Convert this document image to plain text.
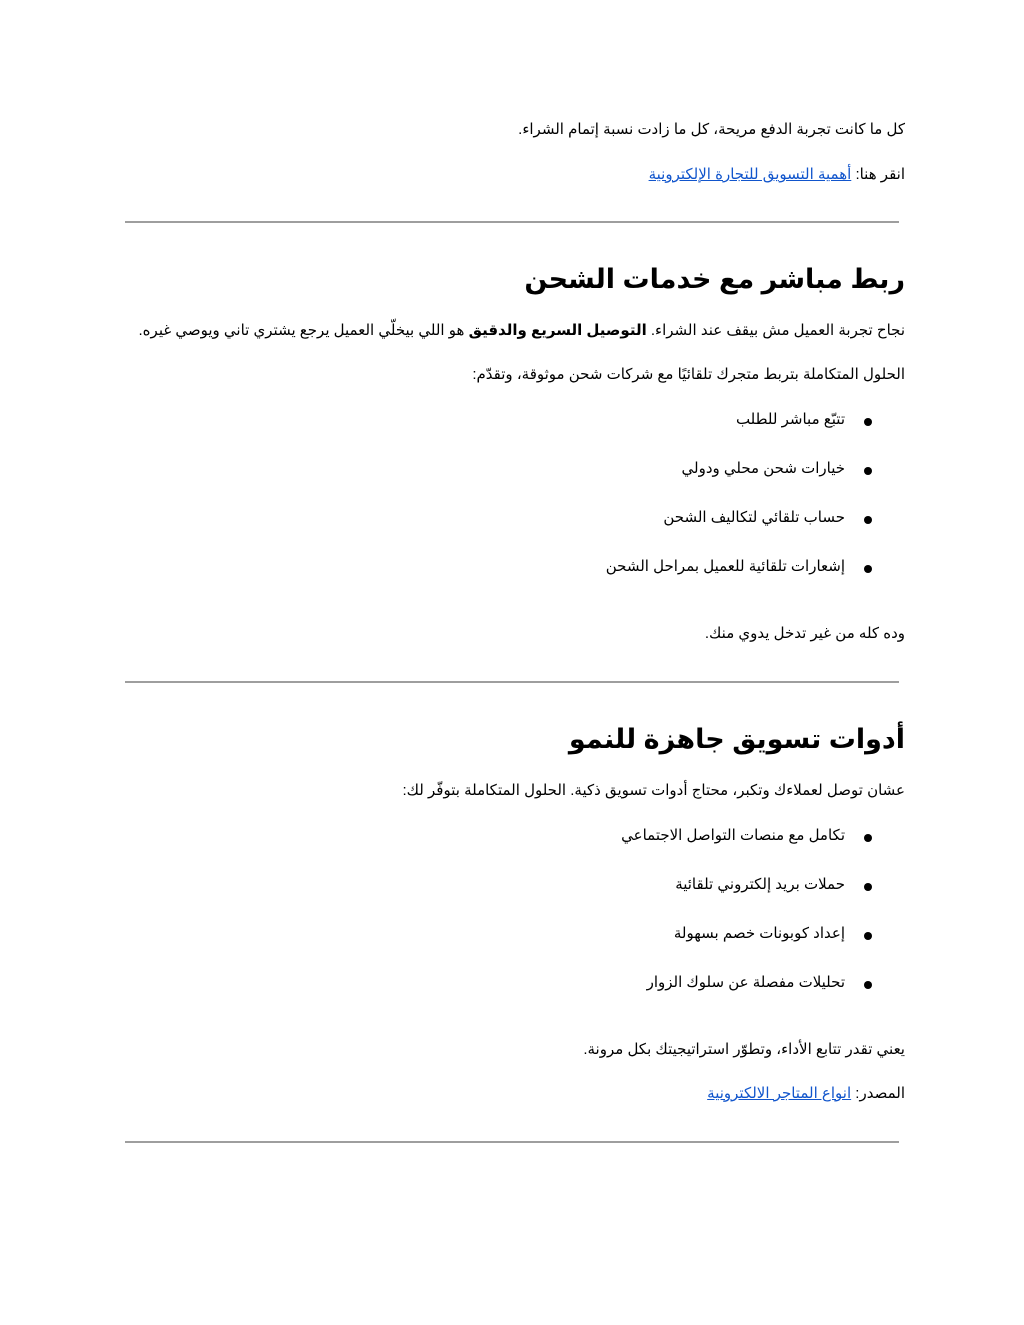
كل ما كانت تجربة الدفع مريحة، كل ما زادت نسبة إتمام الشراء.

انقر هنا: أهمية التسويق للتجارة الإلكترونية

ربط مباشر مع خدمات الشحن

نجاح تجربة العميل مش بيقف عند الشراء. التوصيل السريع والدقيق هو اللي بيخلّي العميل يرجع يشتري تاني ويوصي غيره.

الحلول المتكاملة بتربط متجرك تلقائيًا مع شركات شحن موثوقة، وتقدّم:

تتبّع مباشر للطلب
خيارات شحن محلي ودولي
حساب تلقائي لتكاليف الشحن
إشعارات تلقائية للعميل بمراحل الشحن

وده كله من غير تدخل يدوي منك.

أدوات تسويق جاهزة للنمو

عشان توصل لعملاءك وتكبر، محتاج أدوات تسويق ذكية. الحلول المتكاملة بتوفّر لك:

تكامل مع منصات التواصل الاجتماعي
حملات بريد إلكتروني تلقائية
إعداد كوبونات خصم بسهولة
تحليلات مفصلة عن سلوك الزوار

يعني تقدر تتابع الأداء، وتطوّر استراتيجيتك بكل مرونة.

المصدر: انواع المتاجر الالكترونية
